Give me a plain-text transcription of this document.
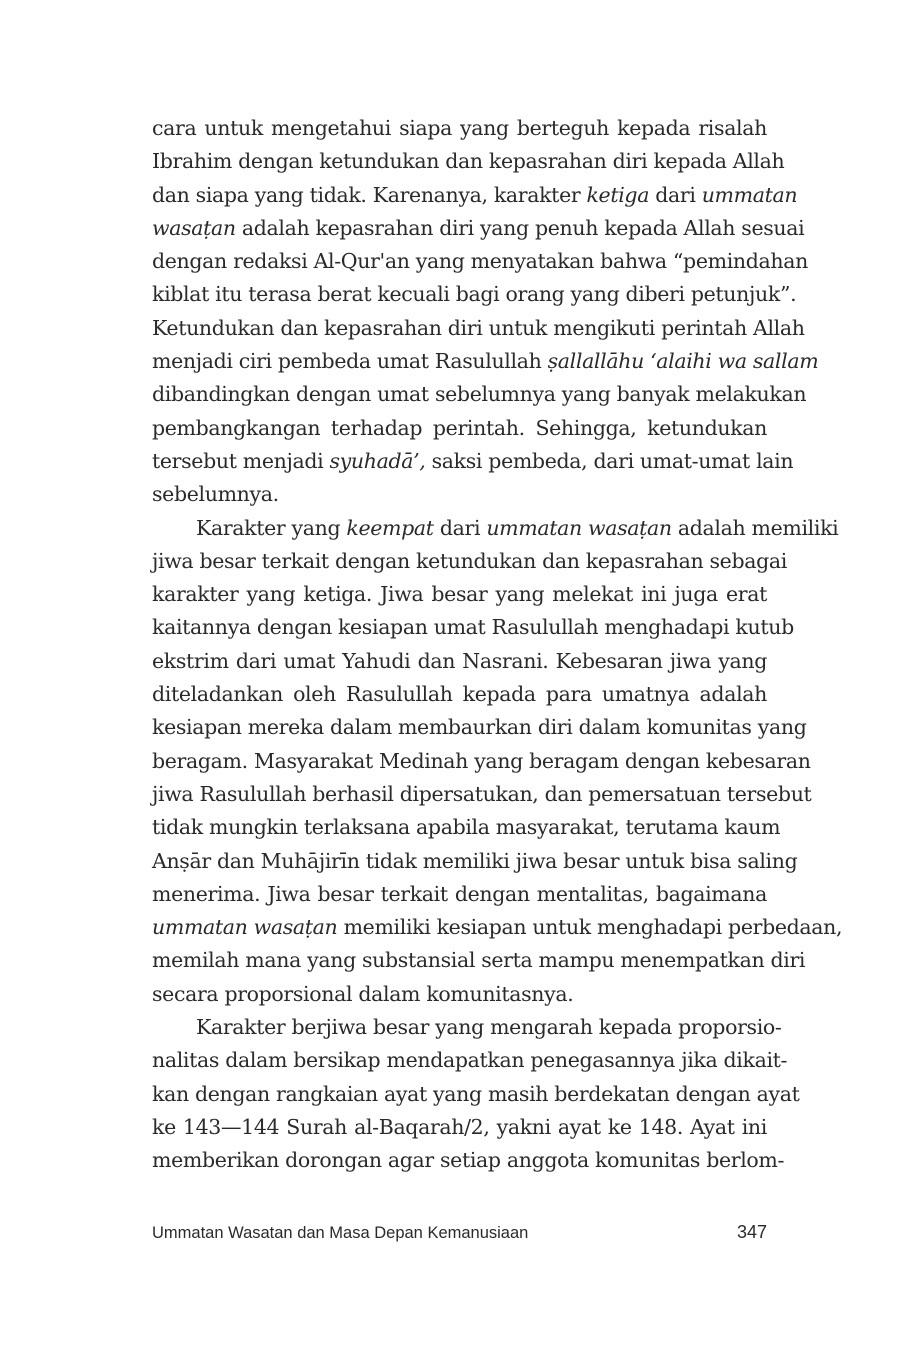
cara untuk mengetahui siapa yang berteguh kepada risalah
Ibrahim dengan ketundukan dan kepasrahan diri kepada Allah
dan siapa yang tidak. Karenanya, karakter ketiga dari ummatan
wasaṭan adalah kepasrahan diri yang penuh kepada Allah sesuai
dengan redaksi Al-Qur'an yang menyatakan bahwa “pemindahan
kiblat itu terasa berat kecuali bagi orang yang diberi petunjuk”.
Ketundukan dan kepasrahan diri untuk mengikuti perintah Allah
menjadi ciri pembeda umat Rasulullah ṣallallāhu ‘alaihi wa sallam
dibandingkan dengan umat sebelumnya yang banyak melakukan
pembangkangan terhadap perintah. Sehingga, ketundukan
tersebut menjadi syuhadā’, saksi pembeda, dari umat-umat lain
sebelumnya.
Karakter yang keempat dari ummatan wasaṭan adalah memiliki
jiwa besar terkait dengan ketundukan dan kepasrahan sebagai
karakter yang ketiga. Jiwa besar yang melekat ini juga erat
kaitannya dengan kesiapan umat Rasulullah menghadapi kutub
ekstrim dari umat Yahudi dan Nasrani. Kebesaran jiwa yang
diteladankan oleh Rasulullah kepada para umatnya adalah
kesiapan mereka dalam membaurkan diri dalam komunitas yang
beragam. Masyarakat Medinah yang beragam dengan kebesaran
jiwa Rasulullah berhasil dipersatukan, dan pemersatuan tersebut
tidak mungkin terlaksana apabila masyarakat, terutama kaum
Anṣār dan Muhājirīn tidak memiliki jiwa besar untuk bisa saling
menerima. Jiwa besar terkait dengan mentalitas, bagaimana
ummatan wasaṭan memiliki kesiapan untuk menghadapi perbedaan,
memilah mana yang substansial serta mampu menempatkan diri
secara proporsional dalam komunitasnya.
Karakter berjiwa besar yang mengarah kepada proporsio-
nalitas dalam bersikap mendapatkan penegasannya jika dikait-
kan dengan rangkaian ayat yang masih berdekatan dengan ayat
ke 143—144 Surah al-Baqarah/2, yakni ayat ke 148. Ayat ini
memberikan dorongan agar setiap anggota komunitas berlom-
Ummatan Wasatan dan Masa Depan Kemanusiaan	347
